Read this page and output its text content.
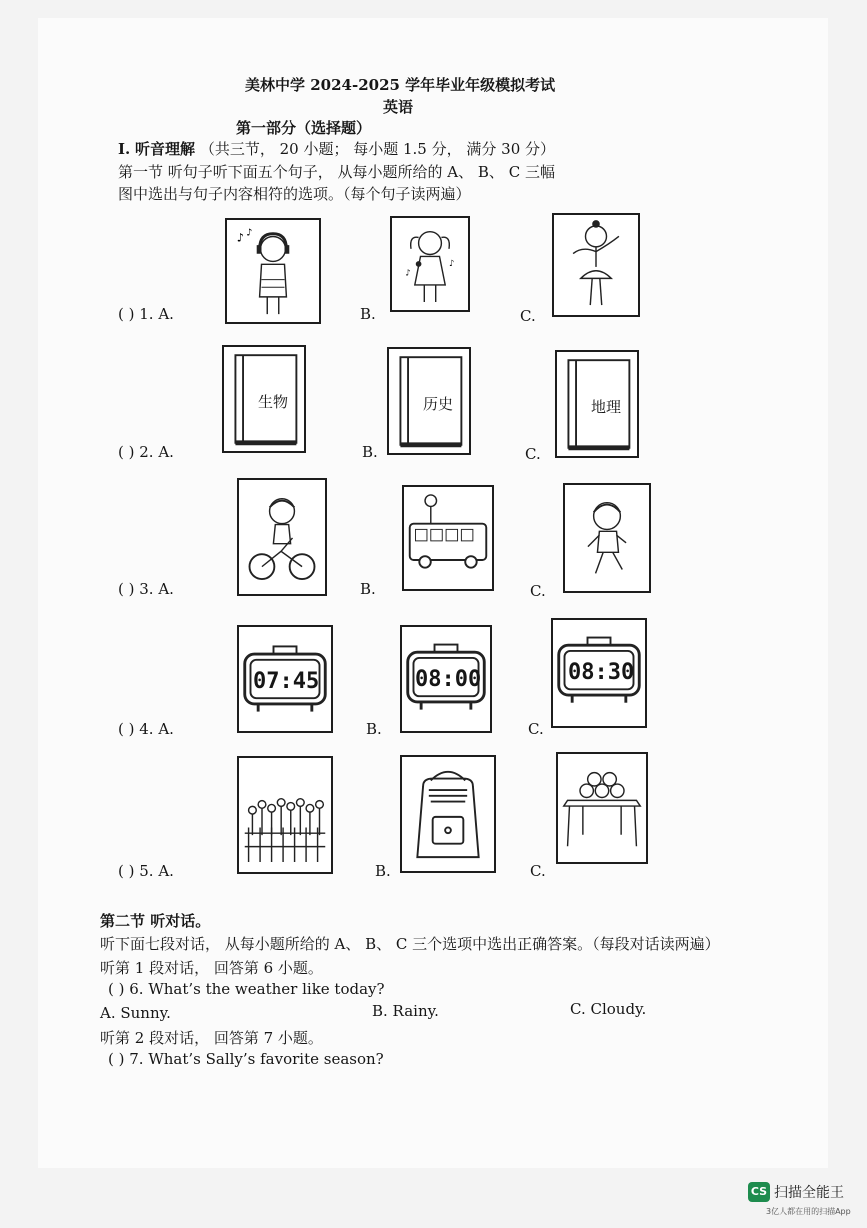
美林中学 2024-2025 学年毕业年级模拟考试
英语
第一部分（选择题）
I. 听音理解 （共三节， 20 小题； 每小题 1.5 分， 满分 30 分）
第一节 听句子听下面五个句子， 从每小题所给的 A、 B、 C 三幅
图中选出与句子内容相符的选项。（每个句子读两遍）
( ) 1. A.
♪ ♪
B.
♪
♪
C.
( ) 2. A.
生物
B.
历史
C.
地理
( ) 3. A.	B.	C.
( ) 4. A.
07:45
B.
08:00
C.
08:30
( ) 5. A.	B.	C.
第二节 听对话。
听下面七段对话， 从每小题所给的 A、 B、 C 三个选项中选出正确答案。（每段对话读两遍）
听第 1 段对话， 回答第 6 小题。
( ) 6. What’s the weather like today?
A. Sunny.	B. Rainy.	C. Cloudy.
听第 2 段对话， 回答第 7 小题。
( ) 7. What’s Sally’s favorite season?
CS 扫描全能王
3亿人都在用的扫描App
